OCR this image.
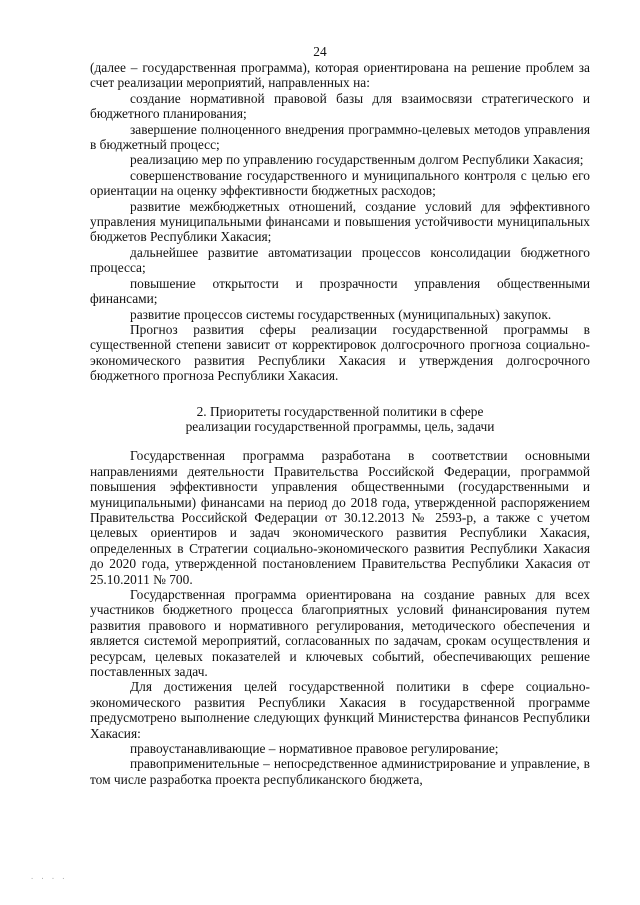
24

(далее – государственная программа), которая ориентирована на решение проблем за счет реализации мероприятий, направленных на:

создание нормативной правовой базы для взаимосвязи стратегического и бюджетного планирования;

завершение полноценного внедрения программно-целевых методов управления в бюджетный процесс;

реализацию мер по управлению государственным долгом Республики Хакасия;

совершенствование государственного и муниципального контроля с целью его ориентации на оценку эффективности бюджетных расходов;

развитие межбюджетных отношений, создание условий для эффективного управления муниципальными финансами и повышения устойчивости муниципальных бюджетов Республики Хакасия;

дальнейшее развитие автоматизации процессов консолидации бюджетного процесса;

повышение открытости и прозрачности управления общественными финансами;

развитие процессов системы государственных (муниципальных) закупок.

Прогноз развития сферы реализации государственной программы в существенной степени зависит от корректировок долгосрочного прогноза социально-экономического развития Республики Хакасия и утверждения долгосрочного бюджетного прогноза Республики Хакасия.

2. Приоритеты государственной политики в сфере

реализации государственной программы, цель, задачи

Государственная программа разработана в соответствии основными направлениями деятельности Правительства Российской Федерации, программой повышения эффективности управления общественными (государственными и муниципальными) финансами на период до 2018 года, утвержденной распоряжением Правительства Российской Федерации от 30.12.2013 № 2593-р, а также с учетом целевых ориентиров и задач экономического развития Республики Хакасия, определенных в Стратегии социально-экономического развития Республики Хакасия до 2020 года, утвержденной постановлением Правительства Республики Хакасия от 25.10.2011 № 700.

Государственная программа ориентирована на создание равных для всех участников бюджетного процесса благоприятных условий финансирования путем развития правового и нормативного регулирования, методического обеспечения и является системой мероприятий, согласованных по задачам, срокам осуществления и ресурсам, целевых показателей и ключевых событий, обеспечивающих решение поставленных задач.

Для достижения целей государственной политики в сфере социально-экономического развития Республики Хакасия в государственной программе предусмотрено выполнение следующих функций Министерства финансов Республики Хакасия:

правоустанавливающие – нормативное правовое регулирование;

правоприменительные – непосредственное администрирование и управление, в том числе разработка проекта республиканского бюджета,

· · · ·
